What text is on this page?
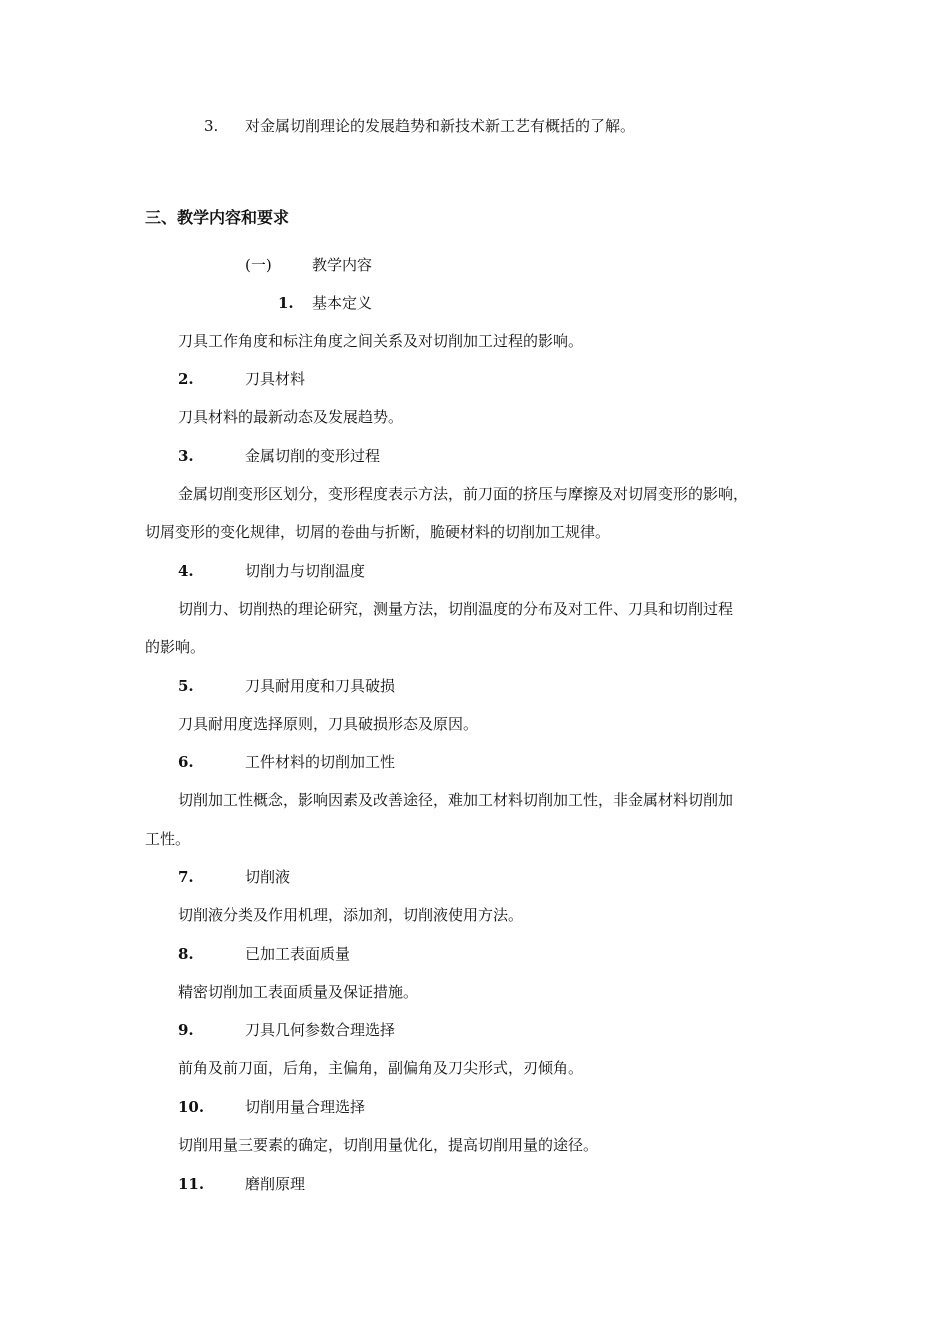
3. 对金属切削理论的发展趋势和新技术新工艺有概括的了解。
三、教学内容和要求
(一)	教学内容
1. 基本定义
刀具工作角度和标注角度之间关系及对切削加工过程的影响。
2.	刀具材料
刀具材料的最新动态及发展趋势。
3.	金属切削的变形过程
金属切削变形区划分，变形程度表示方法，前刀面的挤压与摩擦及对切屑变形的影响，
切屑变形的变化规律，切屑的卷曲与折断，脆硬材料的切削加工规律。
4.	切削力与切削温度
切削力、切削热的理论研究，测量方法，切削温度的分布及对工件、刀具和切削过程
的影响。
5.	刀具耐用度和刀具破损
刀具耐用度选择原则，刀具破损形态及原因。
6.	工件材料的切削加工性
切削加工性概念，影响因素及改善途径，难加工材料切削加工性，非金属材料切削加
工性。
7.	切削液
切削液分类及作用机理，添加剂，切削液使用方法。
8.	已加工表面质量
精密切削加工表面质量及保证措施。
9.	刀具几何参数合理选择
前角及前刀面，后角，主偏角，副偏角及刀尖形式，刃倾角。
10.	切削用量合理选择
切削用量三要素的确定，切削用量优化，提高切削用量的途径。
11.	磨削原理
